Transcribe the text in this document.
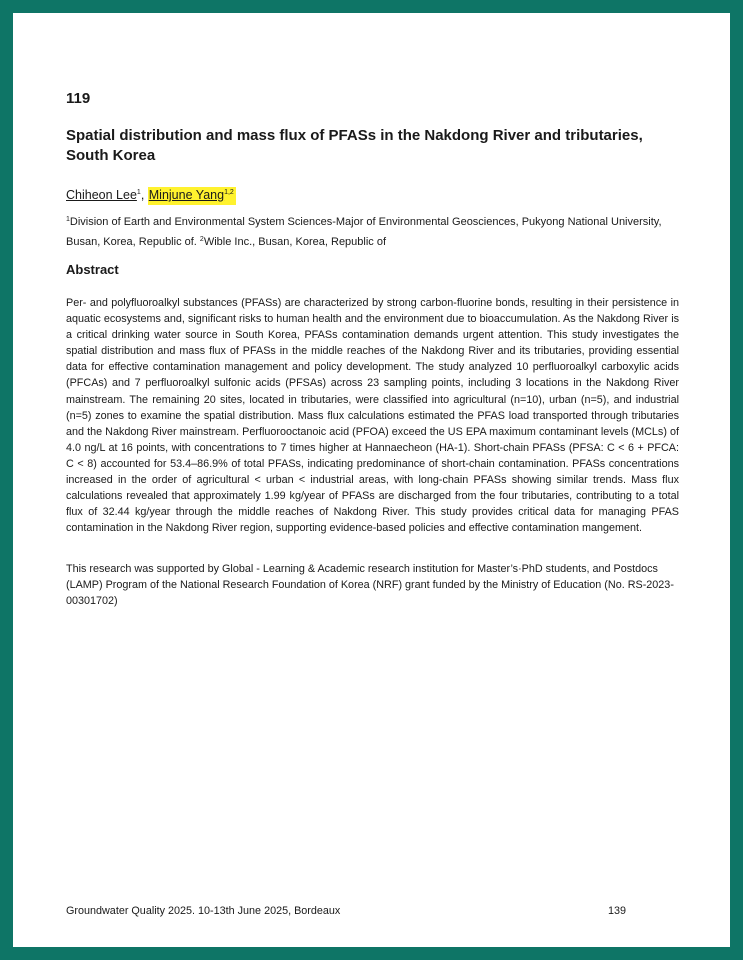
119
Spatial distribution and mass flux of PFASs in the Nakdong River and tributaries, South Korea
Chiheon Lee$^1$, Minjune Yang$^{1,2}$
$^1$Division of Earth and Environmental System Sciences-Major of Environmental Geosciences, Pukyong National University, Busan, Korea, Republic of. $^2$Wible Inc., Busan, Korea, Republic of
Abstract
Per- and polyfluoroalkyl substances (PFASs) are characterized by strong carbon-fluorine bonds, resulting in their persistence in aquatic ecosystems and, significant risks to human health and the environment due to bioaccumulation. As the Nakdong River is a critical drinking water source in South Korea, PFASs contamination demands urgent attention. This study investigates the spatial distribution and mass flux of PFASs in the middle reaches of the Nakdong River and its tributaries, providing essential data for effective contamination management and policy development. The study analyzed 10 perfluoroalkyl carboxylic acids (PFCAs) and 7 perfluoroalkyl sulfonic acids (PFSAs) across 23 sampling points, including 3 locations in the Nakdong River mainstream. The remaining 20 sites, located in tributaries, were classified into agricultural (n=10), urban (n=5), and industrial (n=5) zones to examine the spatial distribution. Mass flux calculations estimated the PFAS load transported through tributaries and the Nakdong River mainstream. Perfluorooctanoic acid (PFOA) exceed the US EPA maximum contaminant levels (MCLs) of 4.0 ng/L at 16 points, with concentrations to 7 times higher at Hannaecheon (HA-1). Short-chain PFASs (PFSA: C < 6 + PFCA: C < 8) accounted for 53.4–86.9% of total PFASs, indicating predominance of short-chain contamination. PFASs concentrations increased in the order of agricultural < urban < industrial areas, with long-chain PFASs showing similar trends. Mass flux calculations revealed that approximately 1.99 kg/year of PFASs are discharged from the four tributaries, contributing to a total flux of 32.44 kg/year through the middle reaches of Nakdong River. This study provides critical data for managing PFAS contamination in the Nakdong River region, supporting evidence-based policies and effective contamination mangement.
This research was supported by Global - Learning & Academic research institution for Master’s·PhD students, and Postdocs (LAMP) Program of the National Research Foundation of Korea (NRF) grant funded by the Ministry of Education (No. RS-2023-00301702)
Groundwater Quality 2025. 10-13th June 2025, Bordeaux	139
